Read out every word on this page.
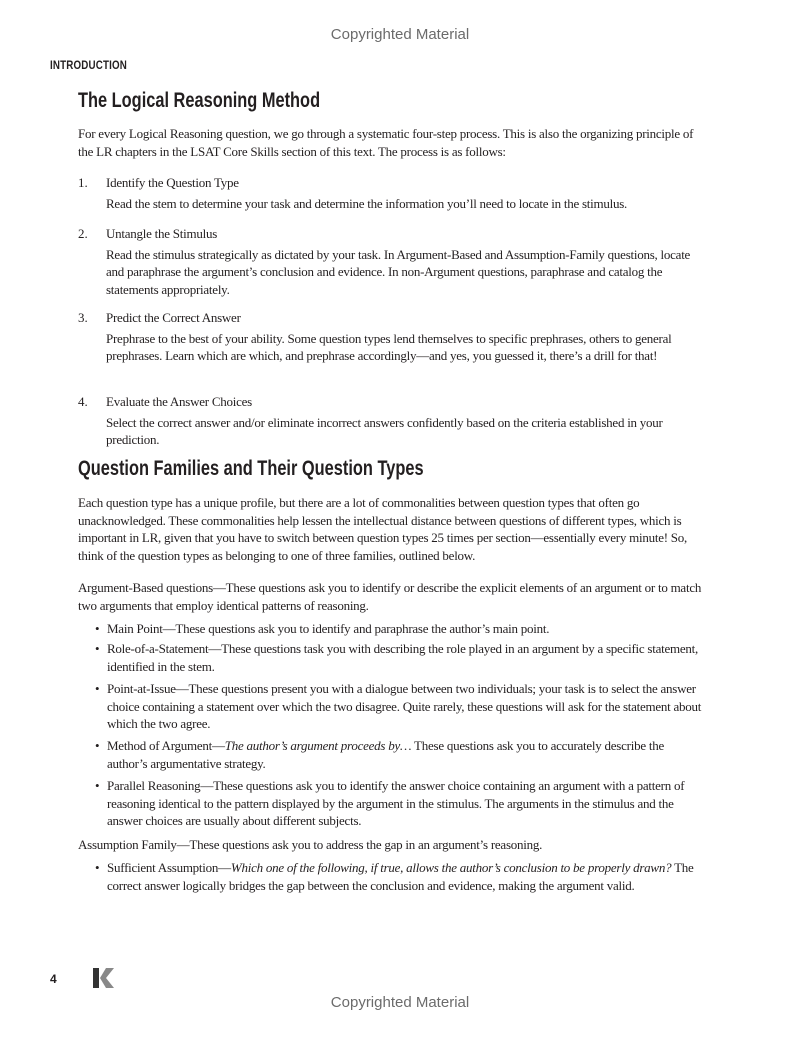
Copyrighted Material
INTRODUCTION
The Logical Reasoning Method
For every Logical Reasoning question, we go through a systematic four-step process. This is also the organizing principle of the LR chapters in the LSAT Core Skills section of this text. The process is as follows:
1. Identify the Question Type
Read the stem to determine your task and determine the information you’ll need to locate in the stimulus.
2. Untangle the Stimulus
Read the stimulus strategically as dictated by your task. In Argument-Based and Assumption-Family questions, locate and paraphrase the argument’s conclusion and evidence. In non-Argument questions, paraphrase and catalog the statements appropriately.
3. Predict the Correct Answer
Prephrase to the best of your ability. Some question types lend themselves to specific prephrases, others to general prephrases. Learn which are which, and prephrase accordingly—and yes, you guessed it, there’s a drill for that!
4. Evaluate the Answer Choices
Select the correct answer and/or eliminate incorrect answers confidently based on the criteria established in your prediction.
Question Families and Their Question Types
Each question type has a unique profile, but there are a lot of commonalities between question types that often go unacknowledged. These commonalities help lessen the intellectual distance between questions of different types, which is important in LR, given that you have to switch between question types 25 times per section—essentially every minute! So, think of the question types as belonging to one of three families, outlined below.
Argument-Based questions—These questions ask you to identify or describe the explicit elements of an argument or to match two arguments that employ identical patterns of reasoning.
• Main Point—These questions ask you to identify and paraphrase the author’s main point.
• Role-of-a-Statement—These questions task you with describing the role played in an argument by a specific statement, identified in the stem.
• Point-at-Issue—These questions present you with a dialogue between two individuals; your task is to select the answer choice containing a statement over which the two disagree. Quite rarely, these questions will ask for the statement about which the two agree.
• Method of Argument—The author’s argument proceeds by… These questions ask you to accurately describe the author’s argumentative strategy.
• Parallel Reasoning—These questions ask you to identify the answer choice containing an argument with a pattern of reasoning identical to the pattern displayed by the argument in the stimulus. The arguments in the stimulus and the answer choices are usually about different subjects.
Assumption Family—These questions ask you to address the gap in an argument’s reasoning.
• Sufficient Assumption—Which one of the following, if true, allows the author’s conclusion to be properly drawn? The correct answer logically bridges the gap between the conclusion and evidence, making the argument valid.
4
Copyrighted Material
